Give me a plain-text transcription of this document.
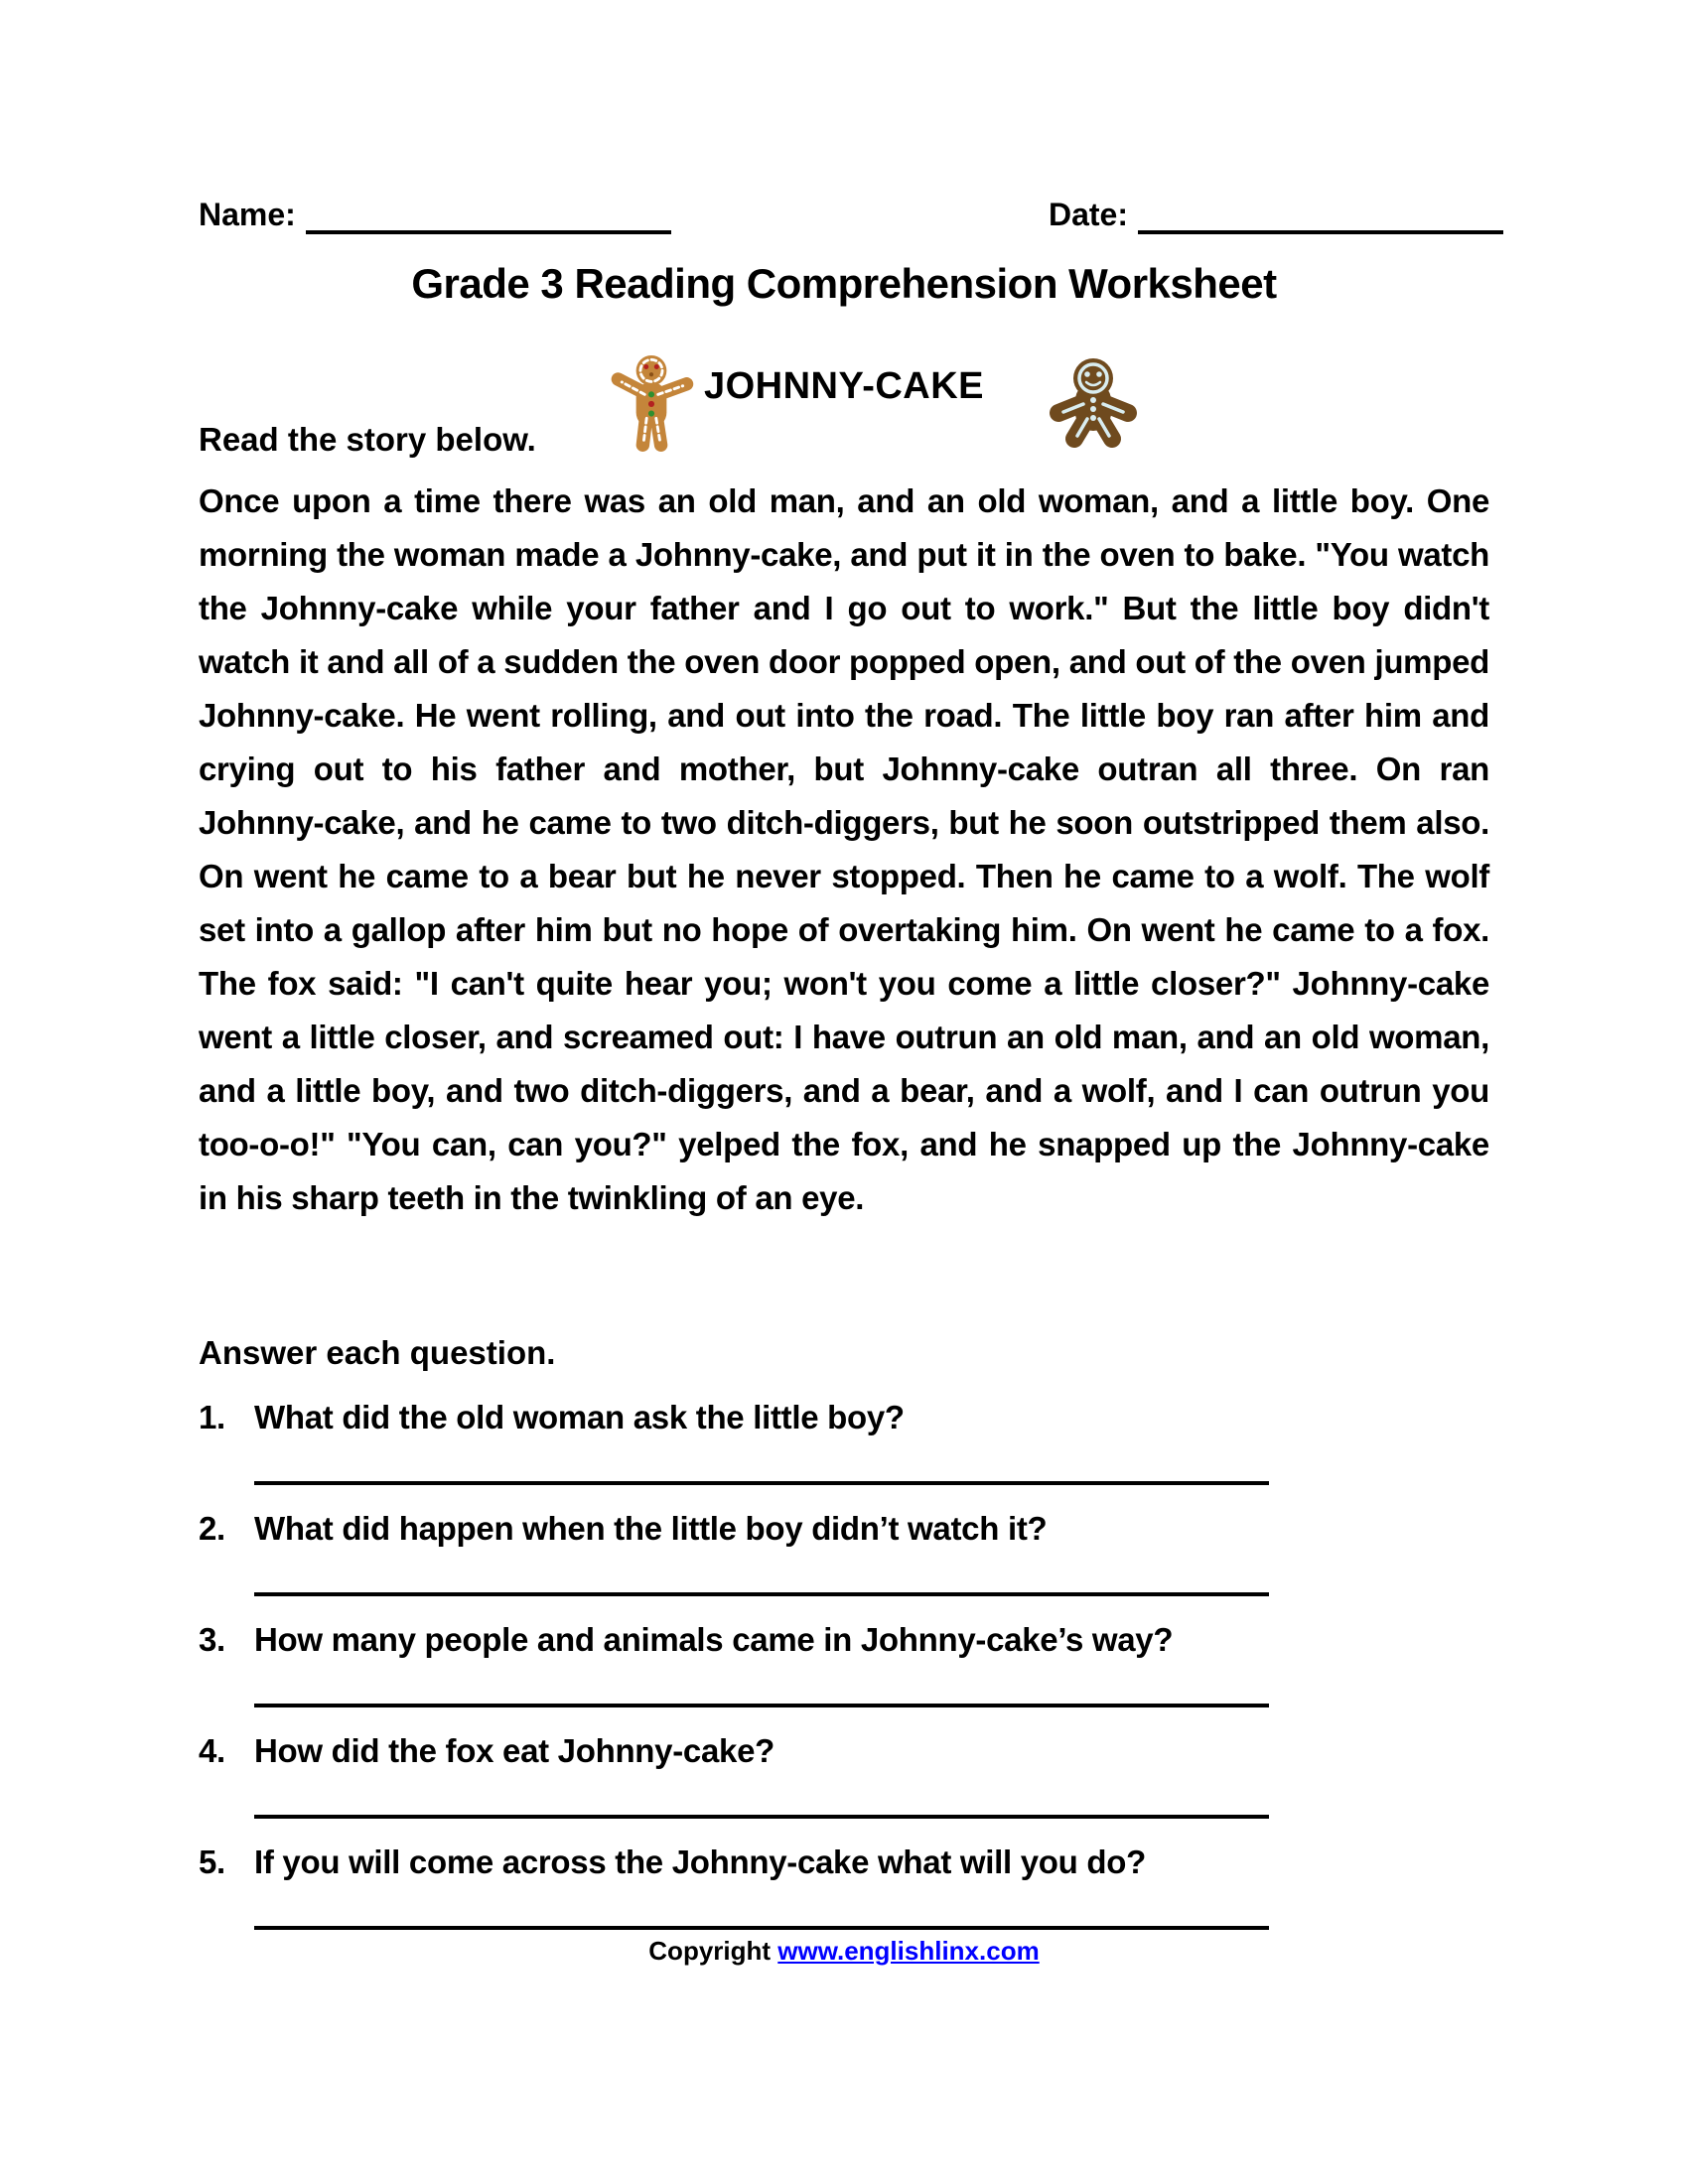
Name:	Date:
Grade 3 Reading Comprehension Worksheet
JOHNNY-CAKE
Read the story below.

Once upon a time there was an old man, and an old woman, and a little boy. One morning the woman made a Johnny-cake, and put it in the oven to bake. "You watch the Johnny-cake while your father and I go out to work." But the little boy didn't watch it and all of a sudden the oven door popped open, and out of the oven jumped Johnny-cake. He went rolling, and out into the road. The little boy ran after him and crying out to his father and mother, but Johnny-cake outran all three. On ran Johnny-cake, and he came to two ditch-diggers, but he soon outstripped them also. On went he came to a bear but he never stopped. Then he came to a wolf. The wolf set into a gallop after him but no hope of overtaking him. On went he came to a fox. The fox said: "I can't quite hear you; won't you come a little closer?" Johnny-cake went a little closer, and screamed out: I have outrun an old man, and an old woman, and a little boy, and two ditch-diggers, and a bear, and a wolf, and I can outrun you too-o-o!" "You can, can you?" yelped the fox, and he snapped up the Johnny-cake in his sharp teeth in the twinkling of an eye.

Answer each question.
1. What did the old woman ask the little boy?
2. What did happen when the little boy didn’t watch it?
3. How many people and animals came in Johnny-cake’s way?
4. How did the fox eat Johnny-cake?
5. If you will come across the Johnny-cake what will you do?
Copyright www.englishlinx.com
